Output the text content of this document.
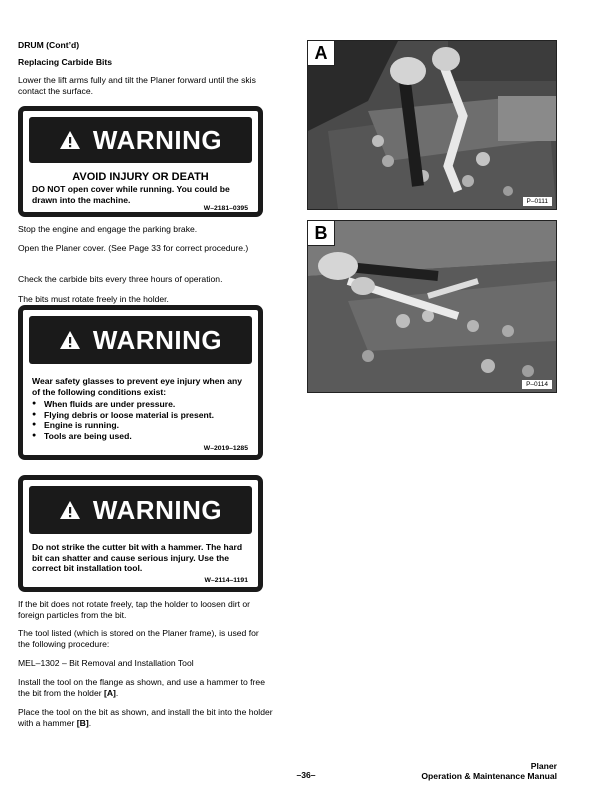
DRUM (Cont’d)
Replacing Carbide Bits
Lower the lift arms fully and tilt the Planer forward until the skis contact the surface.
WARNING
AVOID INJURY OR DEATH
DO NOT open cover while running. You could be drawn into the machine.
W–2181–0395
Stop the engine and engage the parking brake.
Open the Planer cover. (See Page 33 for correct procedure.)
Check the carbide bits every three hours of operation.
The bits must rotate freely in the holder.
WARNING
Wear safety glasses to prevent eye injury when any of the following conditions exist:
● When fluids are under pressure.
● Flying debris or loose material is present.
● Engine is running.
● Tools are being used.
W–2019–1285
WARNING
Do not strike the cutter bit with a hammer. The hard bit can shatter and cause serious injury. Use the correct bit installation tool.
W–2114–1191
If the bit does not rotate freely, tap the holder to loosen dirt or foreign particles from the bit.
The tool listed (which is stored on the Planer frame), is used for the following procedure:
MEL–1302 – Bit Removal and Installation Tool
Install the tool on the flange as shown, and use a hammer to free the bit from the holder [A].
Place the tool on the bit as shown, and install the bit into the holder with a hammer [B].
A
P–0111
B
P–0114
–36–
Planer
Operation & Maintenance Manual
